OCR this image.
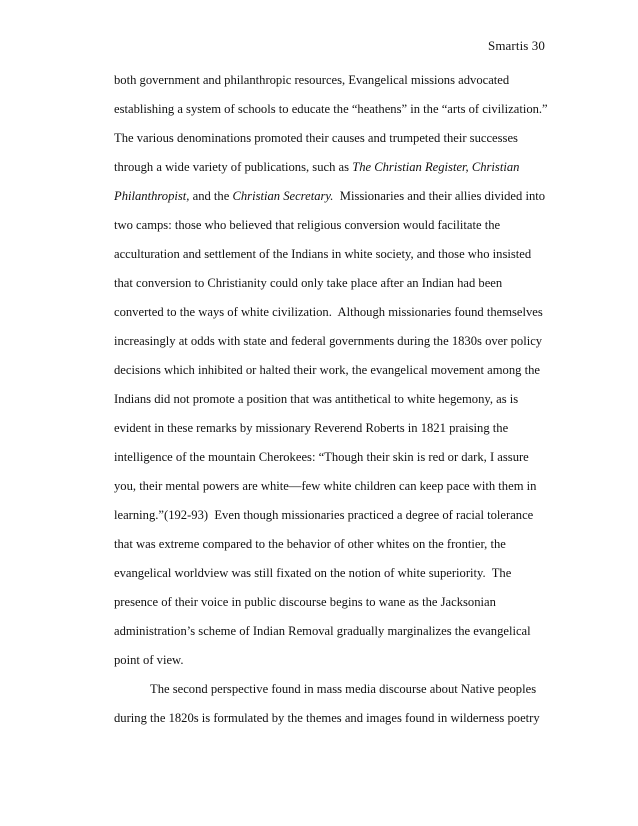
Smartis 30
both government and philanthropic resources, Evangelical missions advocated
establishing a system of schools to educate the “heathens” in the “arts of civilization.”
The various denominations promoted their causes and trumpeted their successes
through a wide variety of publications, such as The Christian Register, Christian
Philanthropist, and the Christian Secretary.  Missionaries and their allies divided into
two camps: those who believed that religious conversion would facilitate the
acculturation and settlement of the Indians in white society, and those who insisted
that conversion to Christianity could only take place after an Indian had been
converted to the ways of white civilization.  Although missionaries found themselves
increasingly at odds with state and federal governments during the 1830s over policy
decisions which inhibited or halted their work, the evangelical movement among the
Indians did not promote a position that was antithetical to white hegemony, as is
evident in these remarks by missionary Reverend Roberts in 1821 praising the
intelligence of the mountain Cherokees: “Though their skin is red or dark, I assure
you, their mental powers are white—few white children can keep pace with them in
learning.”(192-93)  Even though missionaries practiced a degree of racial tolerance
that was extreme compared to the behavior of other whites on the frontier, the
evangelical worldview was still fixated on the notion of white superiority.  The
presence of their voice in public discourse begins to wane as the Jacksonian
administration’s scheme of Indian Removal gradually marginalizes the evangelical
point of view.
The second perspective found in mass media discourse about Native peoples
during the 1820s is formulated by the themes and images found in wilderness poetry
